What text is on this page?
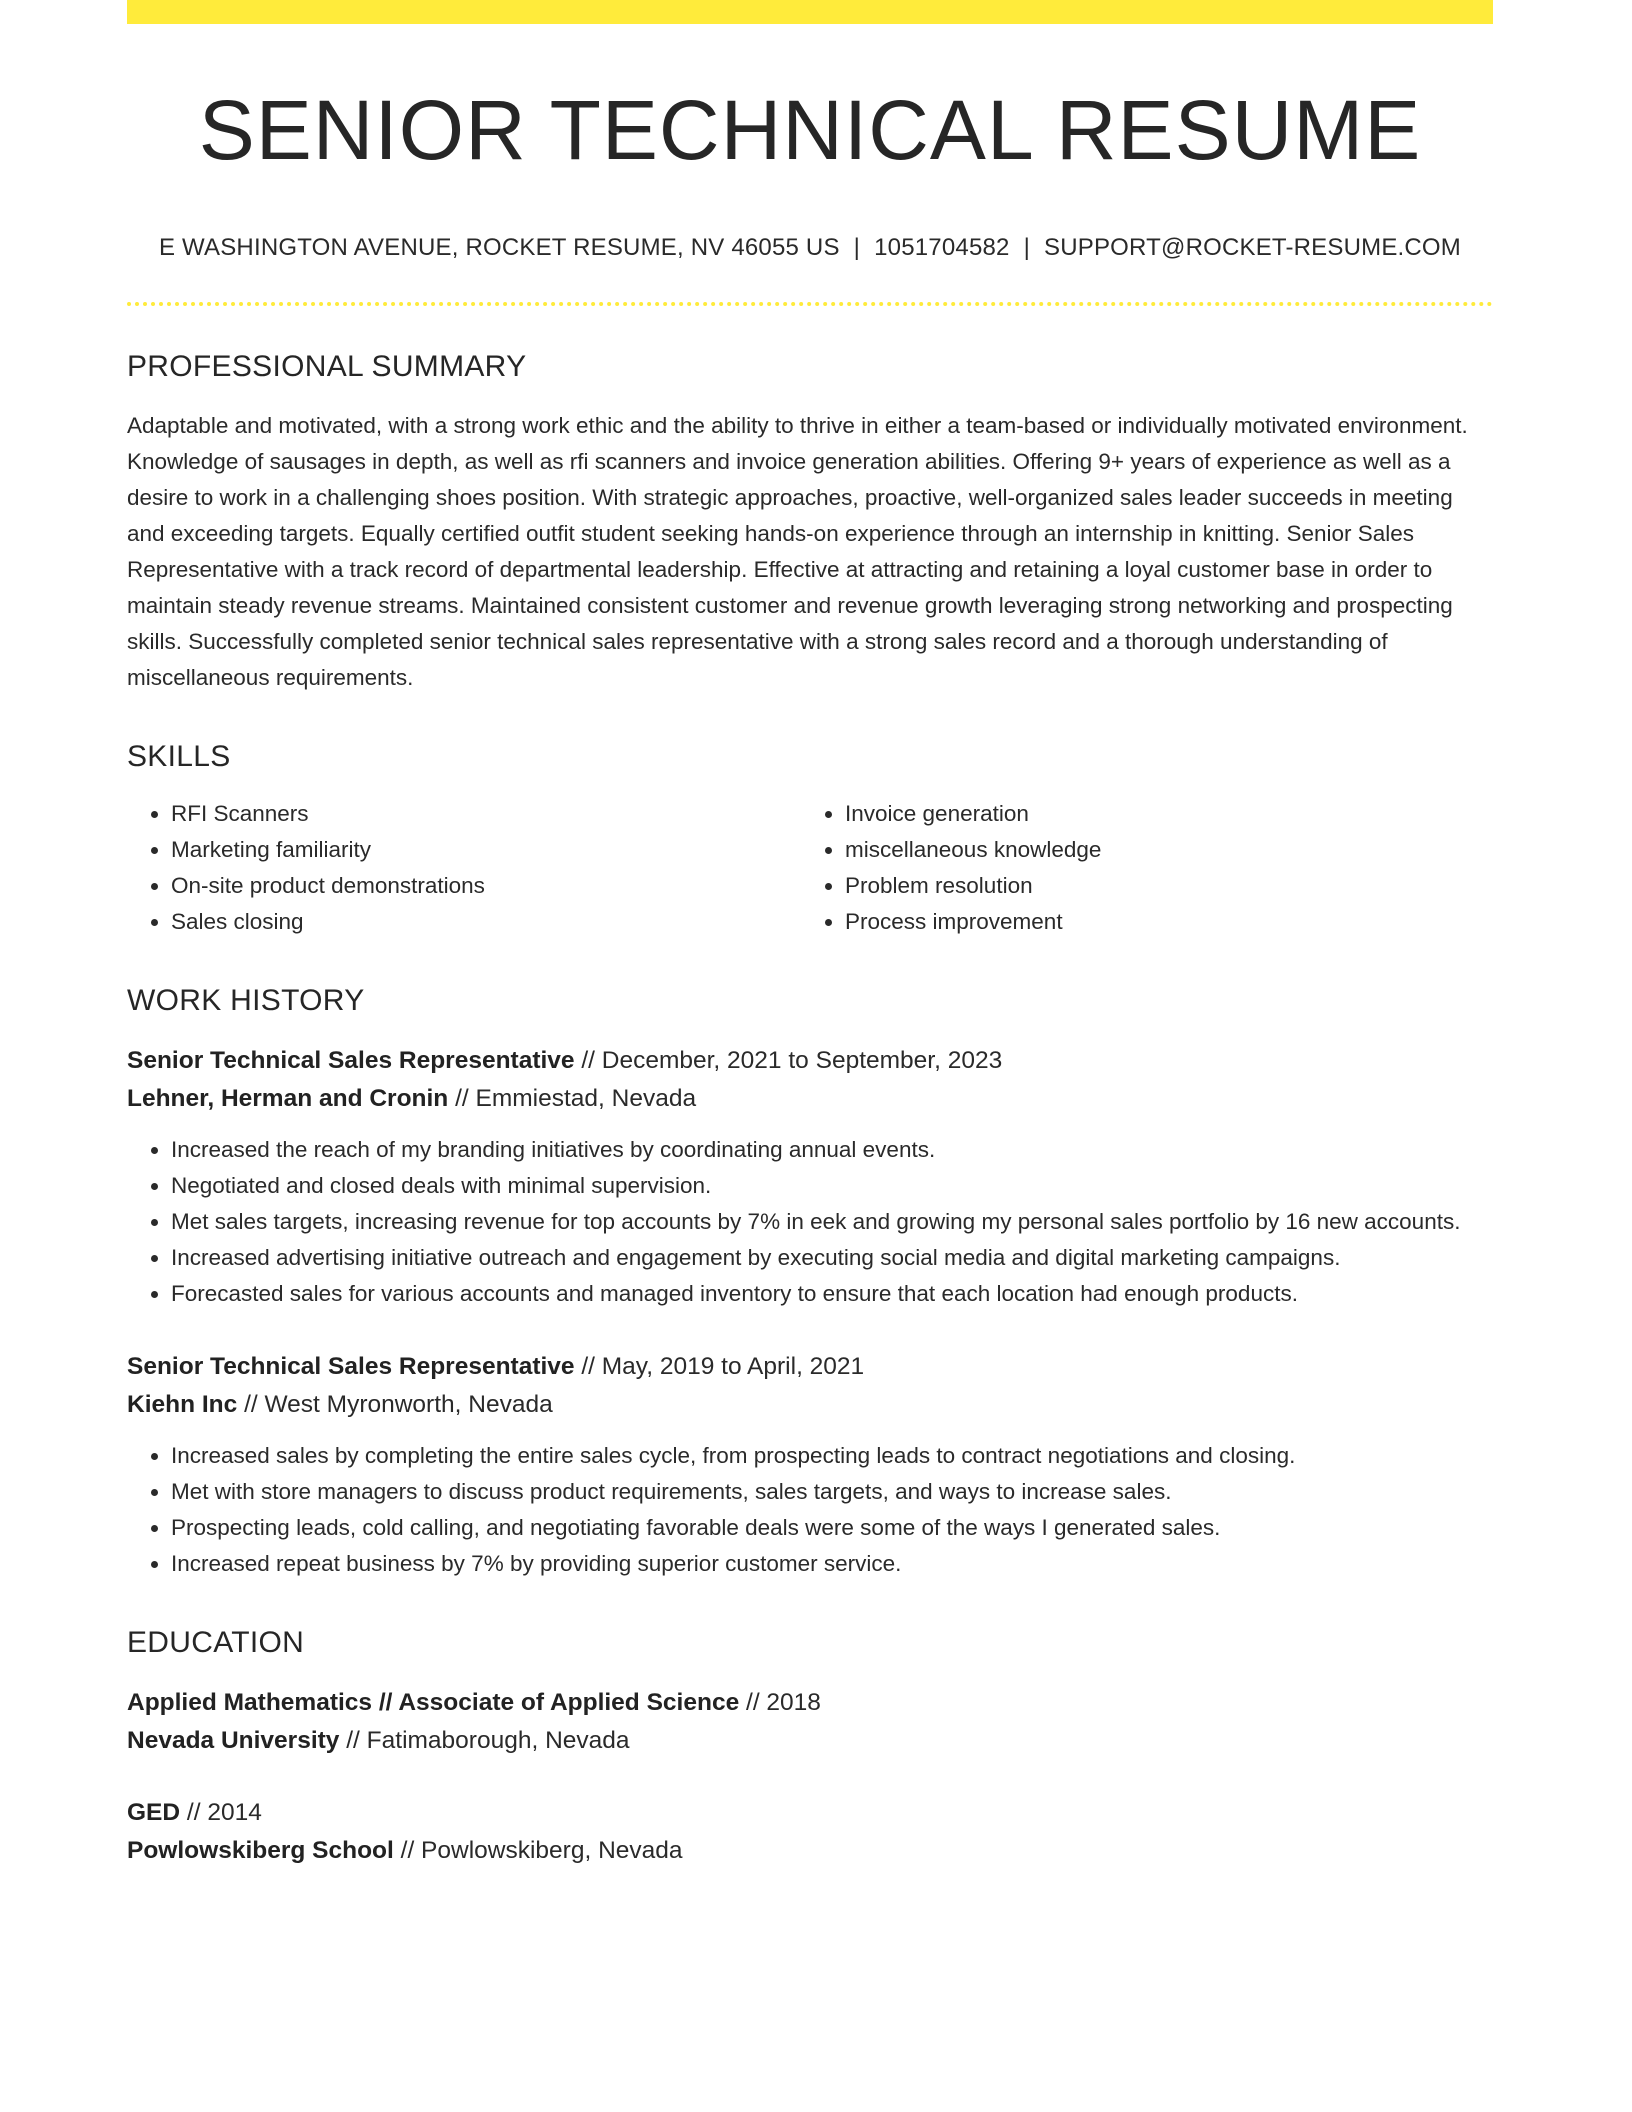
SENIOR TECHNICAL RESUME
E WASHINGTON AVENUE, ROCKET RESUME, NV 46055 US | 1051704582 | SUPPORT@ROCKET-RESUME.COM
PROFESSIONAL SUMMARY

Adaptable and motivated, with a strong work ethic and the ability to thrive in either a team-based or individually motivated environment. Knowledge of sausages in depth, as well as rfi scanners and invoice generation abilities. Offering 9+ years of experience as well as a desire to work in a challenging shoes position. With strategic approaches, proactive, well-organized sales leader succeeds in meeting and exceeding targets. Equally certified outfit student seeking hands-on experience through an internship in knitting. Senior Sales Representative with a track record of departmental leadership. Effective at attracting and retaining a loyal customer base in order to maintain steady revenue streams. Maintained consistent customer and revenue growth leveraging strong networking and prospecting skills. Successfully completed senior technical sales representative with a strong sales record and a thorough understanding of miscellaneous requirements.

SKILLS
• RFI Scanners
• Marketing familiarity
• On-site product demonstrations
• Sales closing
• Invoice generation
• miscellaneous knowledge
• Problem resolution
• Process improvement
WORK HISTORY
Senior Technical Sales Representative // December, 2021 to September, 2023
Lehner, Herman and Cronin // Emmiestad, Nevada
• Increased the reach of my branding initiatives by coordinating annual events.
• Negotiated and closed deals with minimal supervision.
• Met sales targets, increasing revenue for top accounts by 7% in eek and growing my personal sales portfolio by 16 new accounts.
• Increased advertising initiative outreach and engagement by executing social media and digital marketing campaigns.
• Forecasted sales for various accounts and managed inventory to ensure that each location had enough products.
Senior Technical Sales Representative // May, 2019 to April, 2021
Kiehn Inc // West Myronworth, Nevada
• Increased sales by completing the entire sales cycle, from prospecting leads to contract negotiations and closing.
• Met with store managers to discuss product requirements, sales targets, and ways to increase sales.
• Prospecting leads, cold calling, and negotiating favorable deals were some of the ways I generated sales.
• Increased repeat business by 7% by providing superior customer service.
EDUCATION
Applied Mathematics // Associate of Applied Science // 2018
Nevada University // Fatimaborough, Nevada
GED // 2014
Powlowskiberg School // Powlowskiberg, Nevada
